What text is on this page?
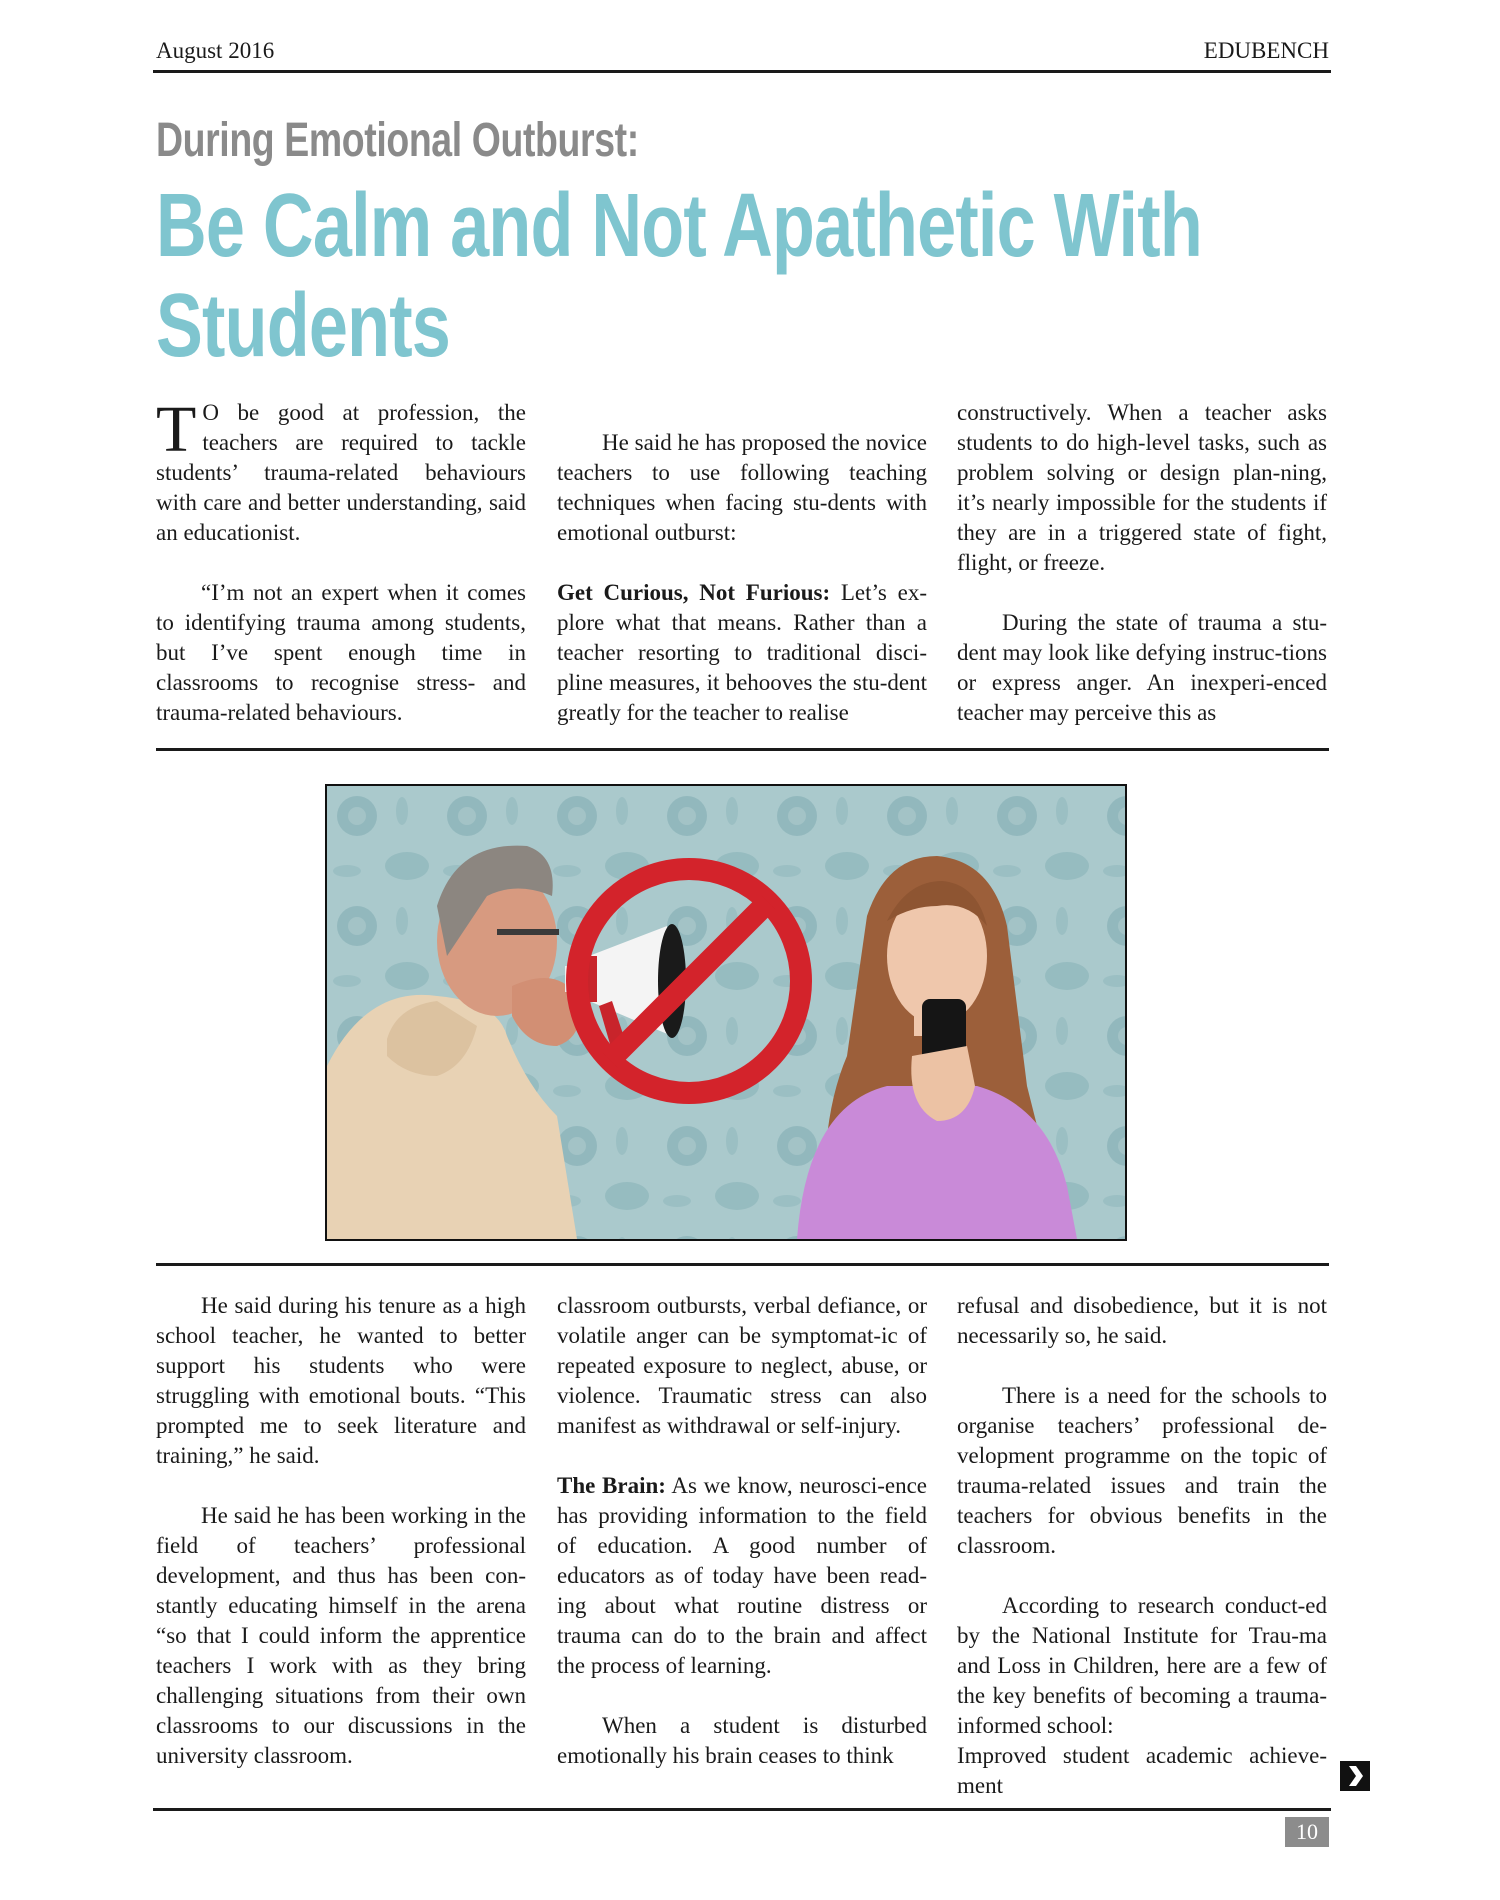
August 2016	EDUBENCH
During Emotional Outburst:
Be Calm and Not Apathetic With Students

T O be good at profession, the teachers are required to tackle students’ trauma-related behaviours with care and better understanding, said an educationist.

“I’m not an expert when it comes to identifying trauma among students, but I’ve spent enough time in classrooms to recognise stress- and trauma-related behaviours.

He said he has proposed the novice teachers to use following teaching techniques when facing stu-dents with emotional outburst:

Get Curious, Not Furious: Let’s ex-plore what that means. Rather than a teacher resorting to traditional disci-pline measures, it behooves the stu-dent greatly for the teacher to realise

constructively. When a teacher asks students to do high-level tasks, such as problem solving or design plan-ning, it’s nearly impossible for the students if they are in a triggered state of fight, flight, or freeze.

During the state of trauma a stu-dent may look like defying instruc-tions or express anger. An inexperi-enced teacher may perceive this as

He said during his tenure as a high school teacher, he wanted to better support his students who were struggling with emotional bouts. “This prompted me to seek literature and training,” he said.

He said he has been working in the field of teachers’ professional development, and thus has been con-stantly educating himself in the arena “so that I could inform the apprentice teachers I work with as they bring challenging situations from their own classrooms to our discussions in the university classroom.

classroom outbursts, verbal defiance, or volatile anger can be symptomat-ic of repeated exposure to neglect, abuse, or violence. Traumatic stress can also manifest as withdrawal or self-injury.

The Brain: As we know, neurosci-ence has providing information to the field of education. A good number of educators as of today have been read-ing about what routine distress or trauma can do to the brain and affect the process of learning.

When a student is disturbed emotionally his brain ceases to think

refusal and disobedience, but it is not necessarily so, he said.

There is a need for the schools to organise teachers’ professional de-velopment programme on the topic of trauma-related issues and train the teachers for obvious benefits in the classroom.

According to research conduct-ed by the National Institute for Trau-ma and Loss in Children, here are a few of the key benefits of becoming a trauma-informed school:

Improved student academic achieve-ment

10
